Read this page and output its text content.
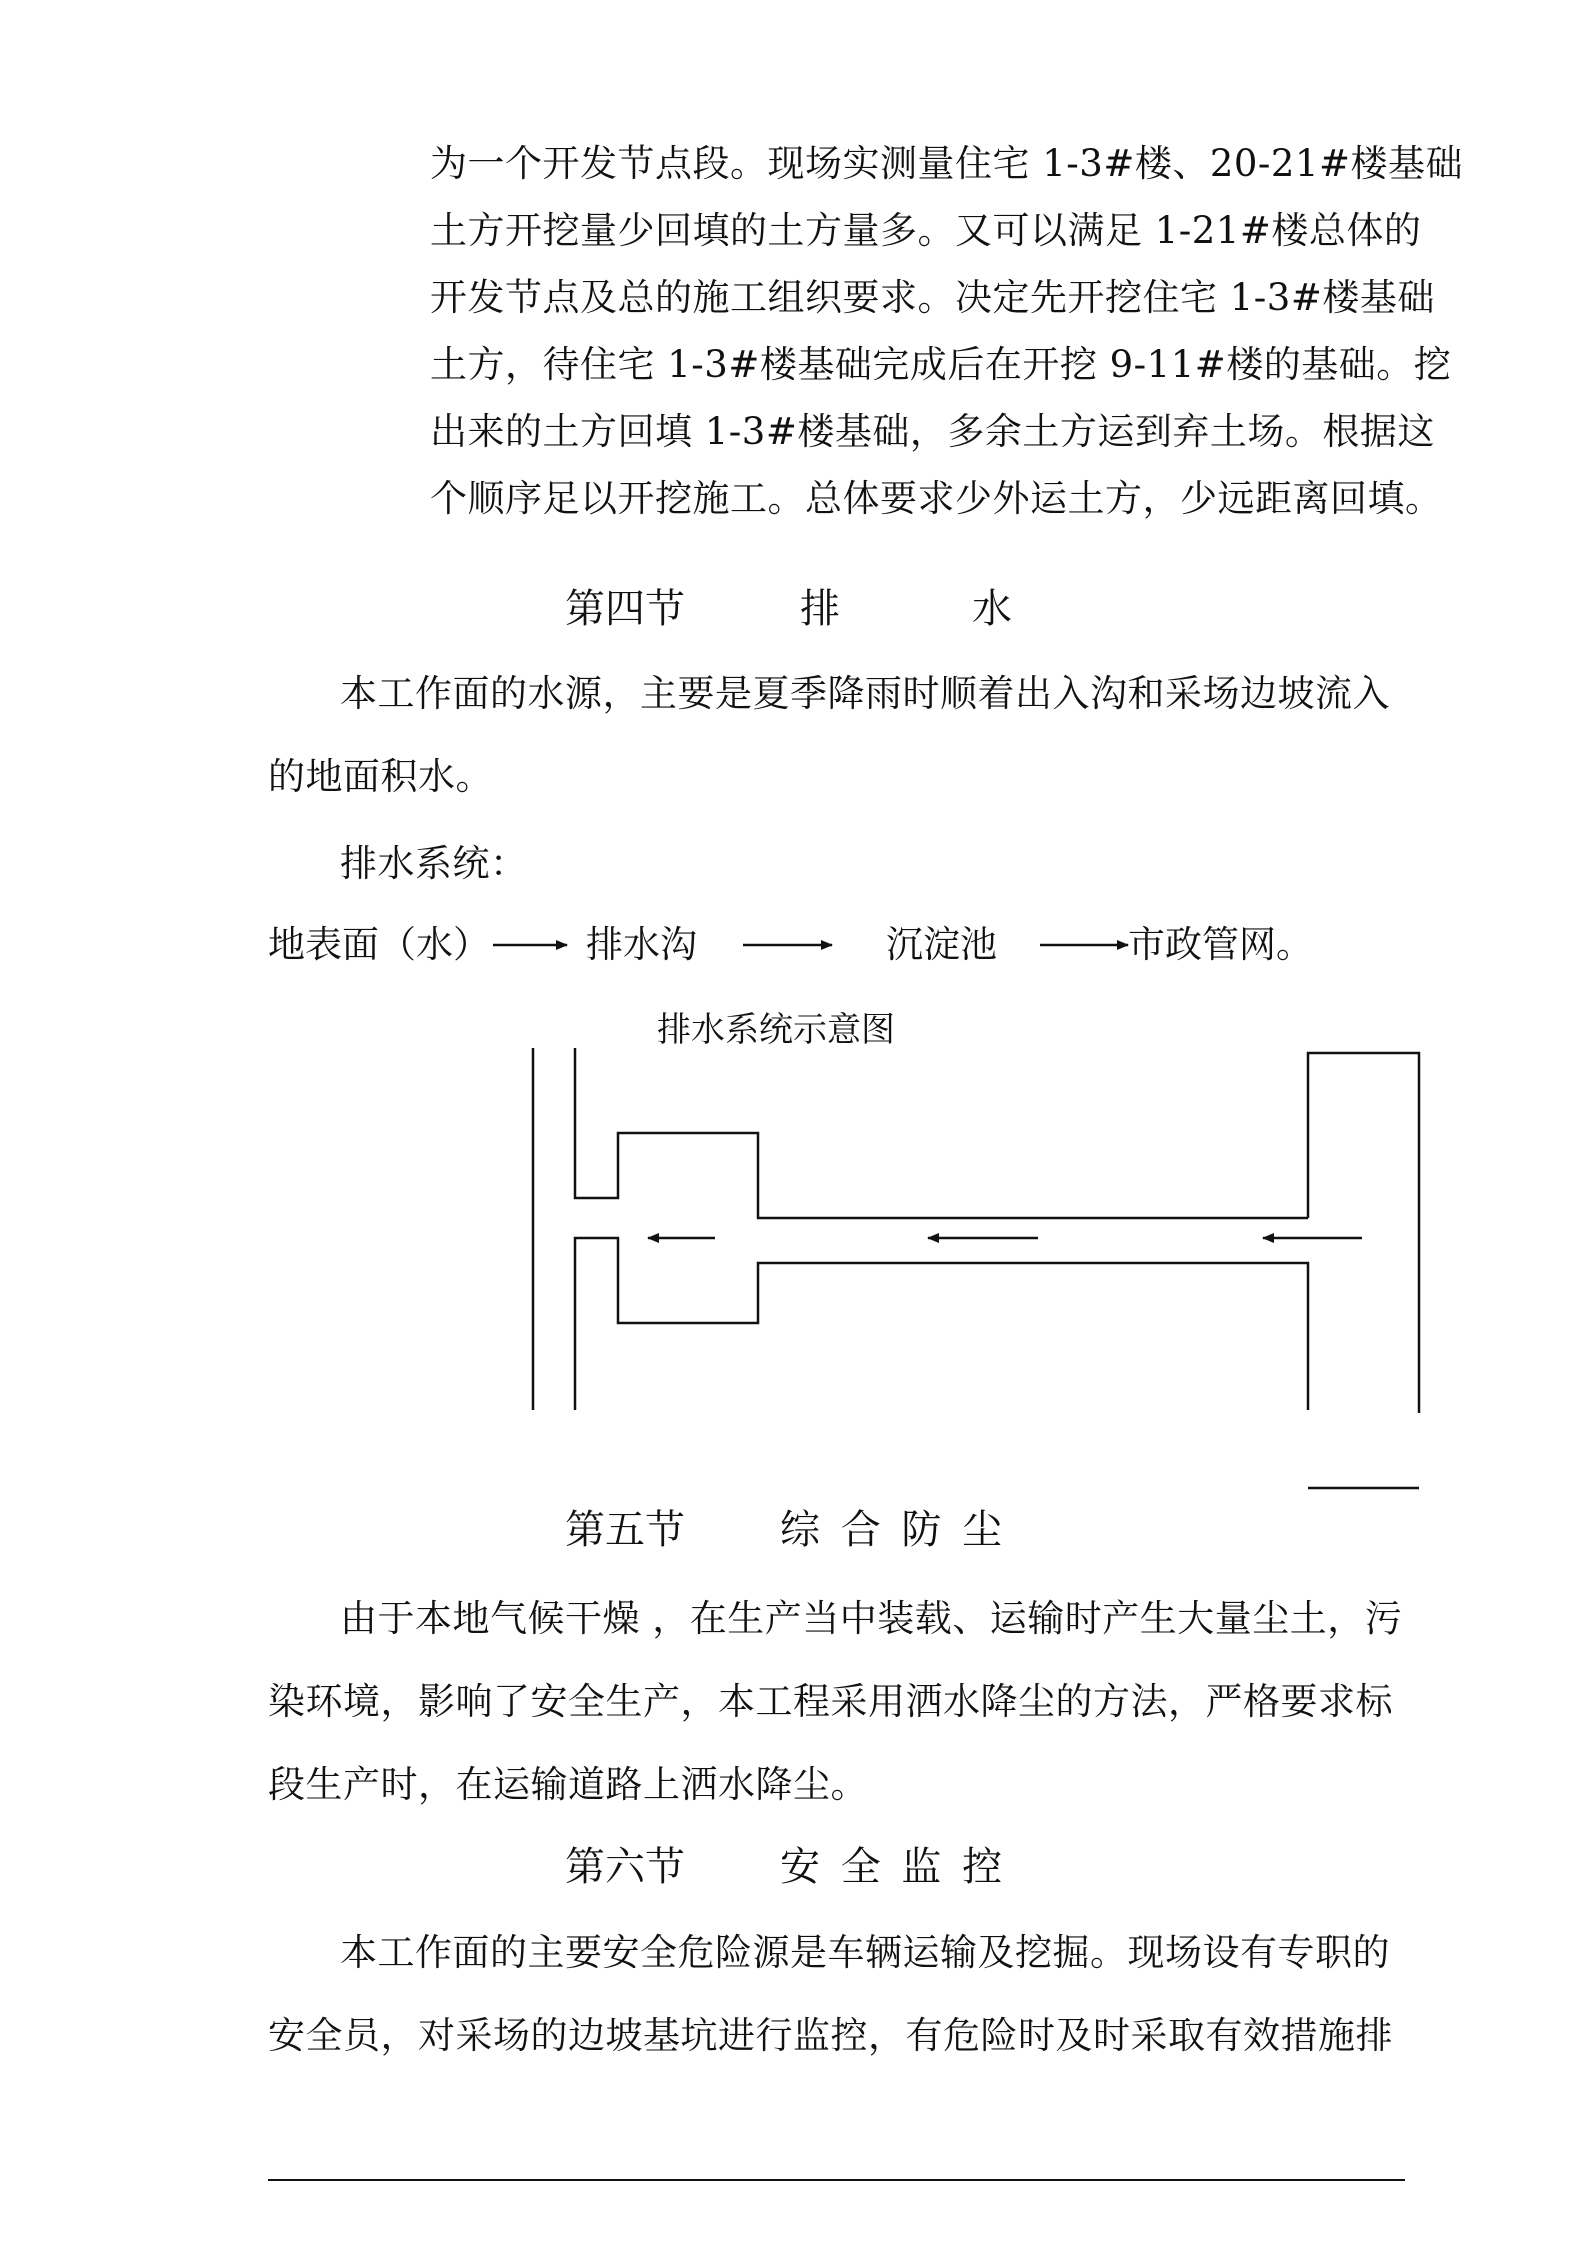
为一个开发节点段。现场实测量住宅 1-3#楼、20-21#楼基础
土方开挖量少回填的土方量多。又可以满足 1-21#楼总体的
开发节点及总的施工组织要求。决定先开挖住宅 1-3#楼基础
土方，待住宅 1-3#楼基础完成后在开挖 9-11#楼的基础。挖
出来的土方回填 1-3#楼基础，多余土方运到弃土场。根据这
个顺序足以开挖施工。总体要求少外运土方，少远距离回填。
第四节	排	水
本工作面的水源，主要是夏季降雨时顺着出入沟和采场边坡流入
的地面积水。
排水系统：
地表面（水）	排水沟	沉淀池	市政管网。
排水系统示意图
第五节 综 合 防 尘
由于本地气候干燥 ，在生产当中装载、运输时产生大量尘土，污
染环境，影响了安全生产，本工程采用洒水降尘的方法，严格要求标
段生产时，在运输道路上洒水降尘。
第六节 安 全 监 控
本工作面的主要安全危险源是车辆运输及挖掘。现场设有专职的
安全员，对采场的边坡基坑进行监控，有危险时及时采取有效措施排
